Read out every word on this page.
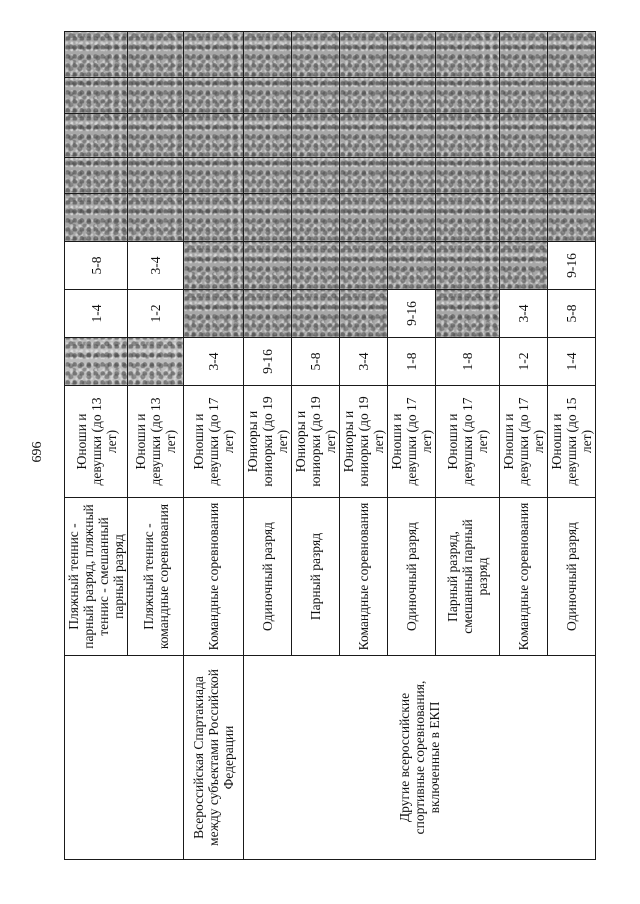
696
	Пляжный теннис - парный разряд, пляжный теннис - смешанный парный разряд	Юноши и девушки (до 13 лет)		1-4	5-8					
	Пляжный теннис - командные соревнования	Юноши и девушки (до 13 лет)		1-2	3-4					
Всероссийская Спартакиада между субъектами Российской Федерации	Командные соревнования	Юноши и девушки (до 17 лет)	3-4							
Другие всероссийские спортивные соревнования, включенные в ЕКП	Одиночный разряд	Юниоры и юниорки (до 19 лет)	9-16							
	Парный разряд	Юниоры и юниорки (до 19 лет)	5-8							
	Командные соревнования	Юниоры и юниорки (до 19 лет)	3-4							
	Одиночный разряд	Юноши и девушки (до 17 лет)	1-8	9-16						
	Парный разряд, смешанный парный разряд	Юноши и девушки (до 17 лет)	1-8							
	Командные соревнования	Юноши и девушки (до 17 лет)	1-2	3-4						
	Одиночный разряд	Юноши и девушки (до 15 лет)	1-4	5-8	9-16					
